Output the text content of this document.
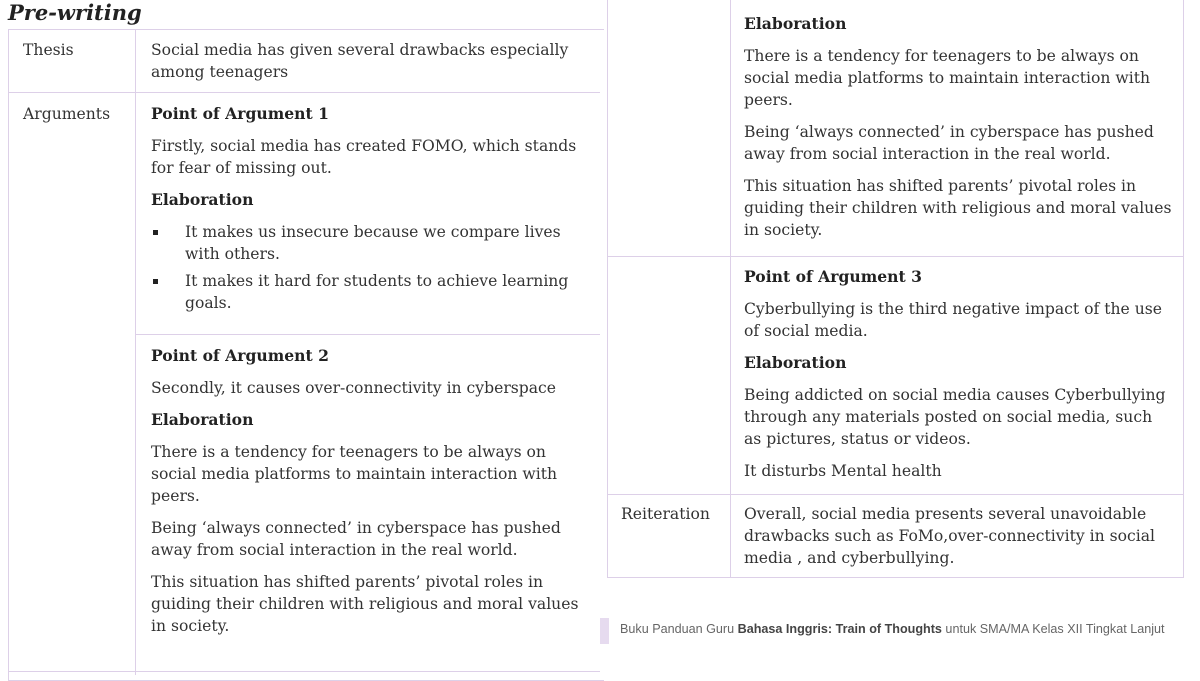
Pre-writing
Thesis	Social media has given several drawbacks especially among teenagers
Arguments	Point of Argument 1
Firstly, social media has created FOMO, which stands for fear of missing out.
Elaboration
It makes us insecure because we compare lives with others.
It makes it hard for students to achieve learning goals.
Point of Argument 2
Secondly, it causes over-connectivity in cyberspace
Elaboration
There is a tendency for teenagers to be always on social media platforms to maintain interaction with peers.
Being ‘always connected’ in cyberspace has pushed away from social interaction in the real world.
This situation has shifted parents’ pivotal roles in guiding their children with religious and moral values in society.
Elaboration
There is a tendency for teenagers to be always on social media platforms to maintain interaction with peers.
Being ‘always connected’ in cyberspace has pushed away from social interaction in the real world.
This situation has shifted parents’ pivotal roles in guiding their children with religious and moral values in society.
Point of Argument 3
Cyberbullying is the third negative impact of the use of social media.
Elaboration
Being addicted on social media causes Cyberbullying through any materials posted on social media, such as pictures, status or videos.
It disturbs Mental health
Reiteration Overall, social media presents several unavoidable drawbacks such as FoMo,over-connectivity in social media , and cyberbullying.
Buku Panduan Guru Bahasa Inggris: Train of Thoughts untuk SMA/MA Kelas XII Tingkat Lanjut
